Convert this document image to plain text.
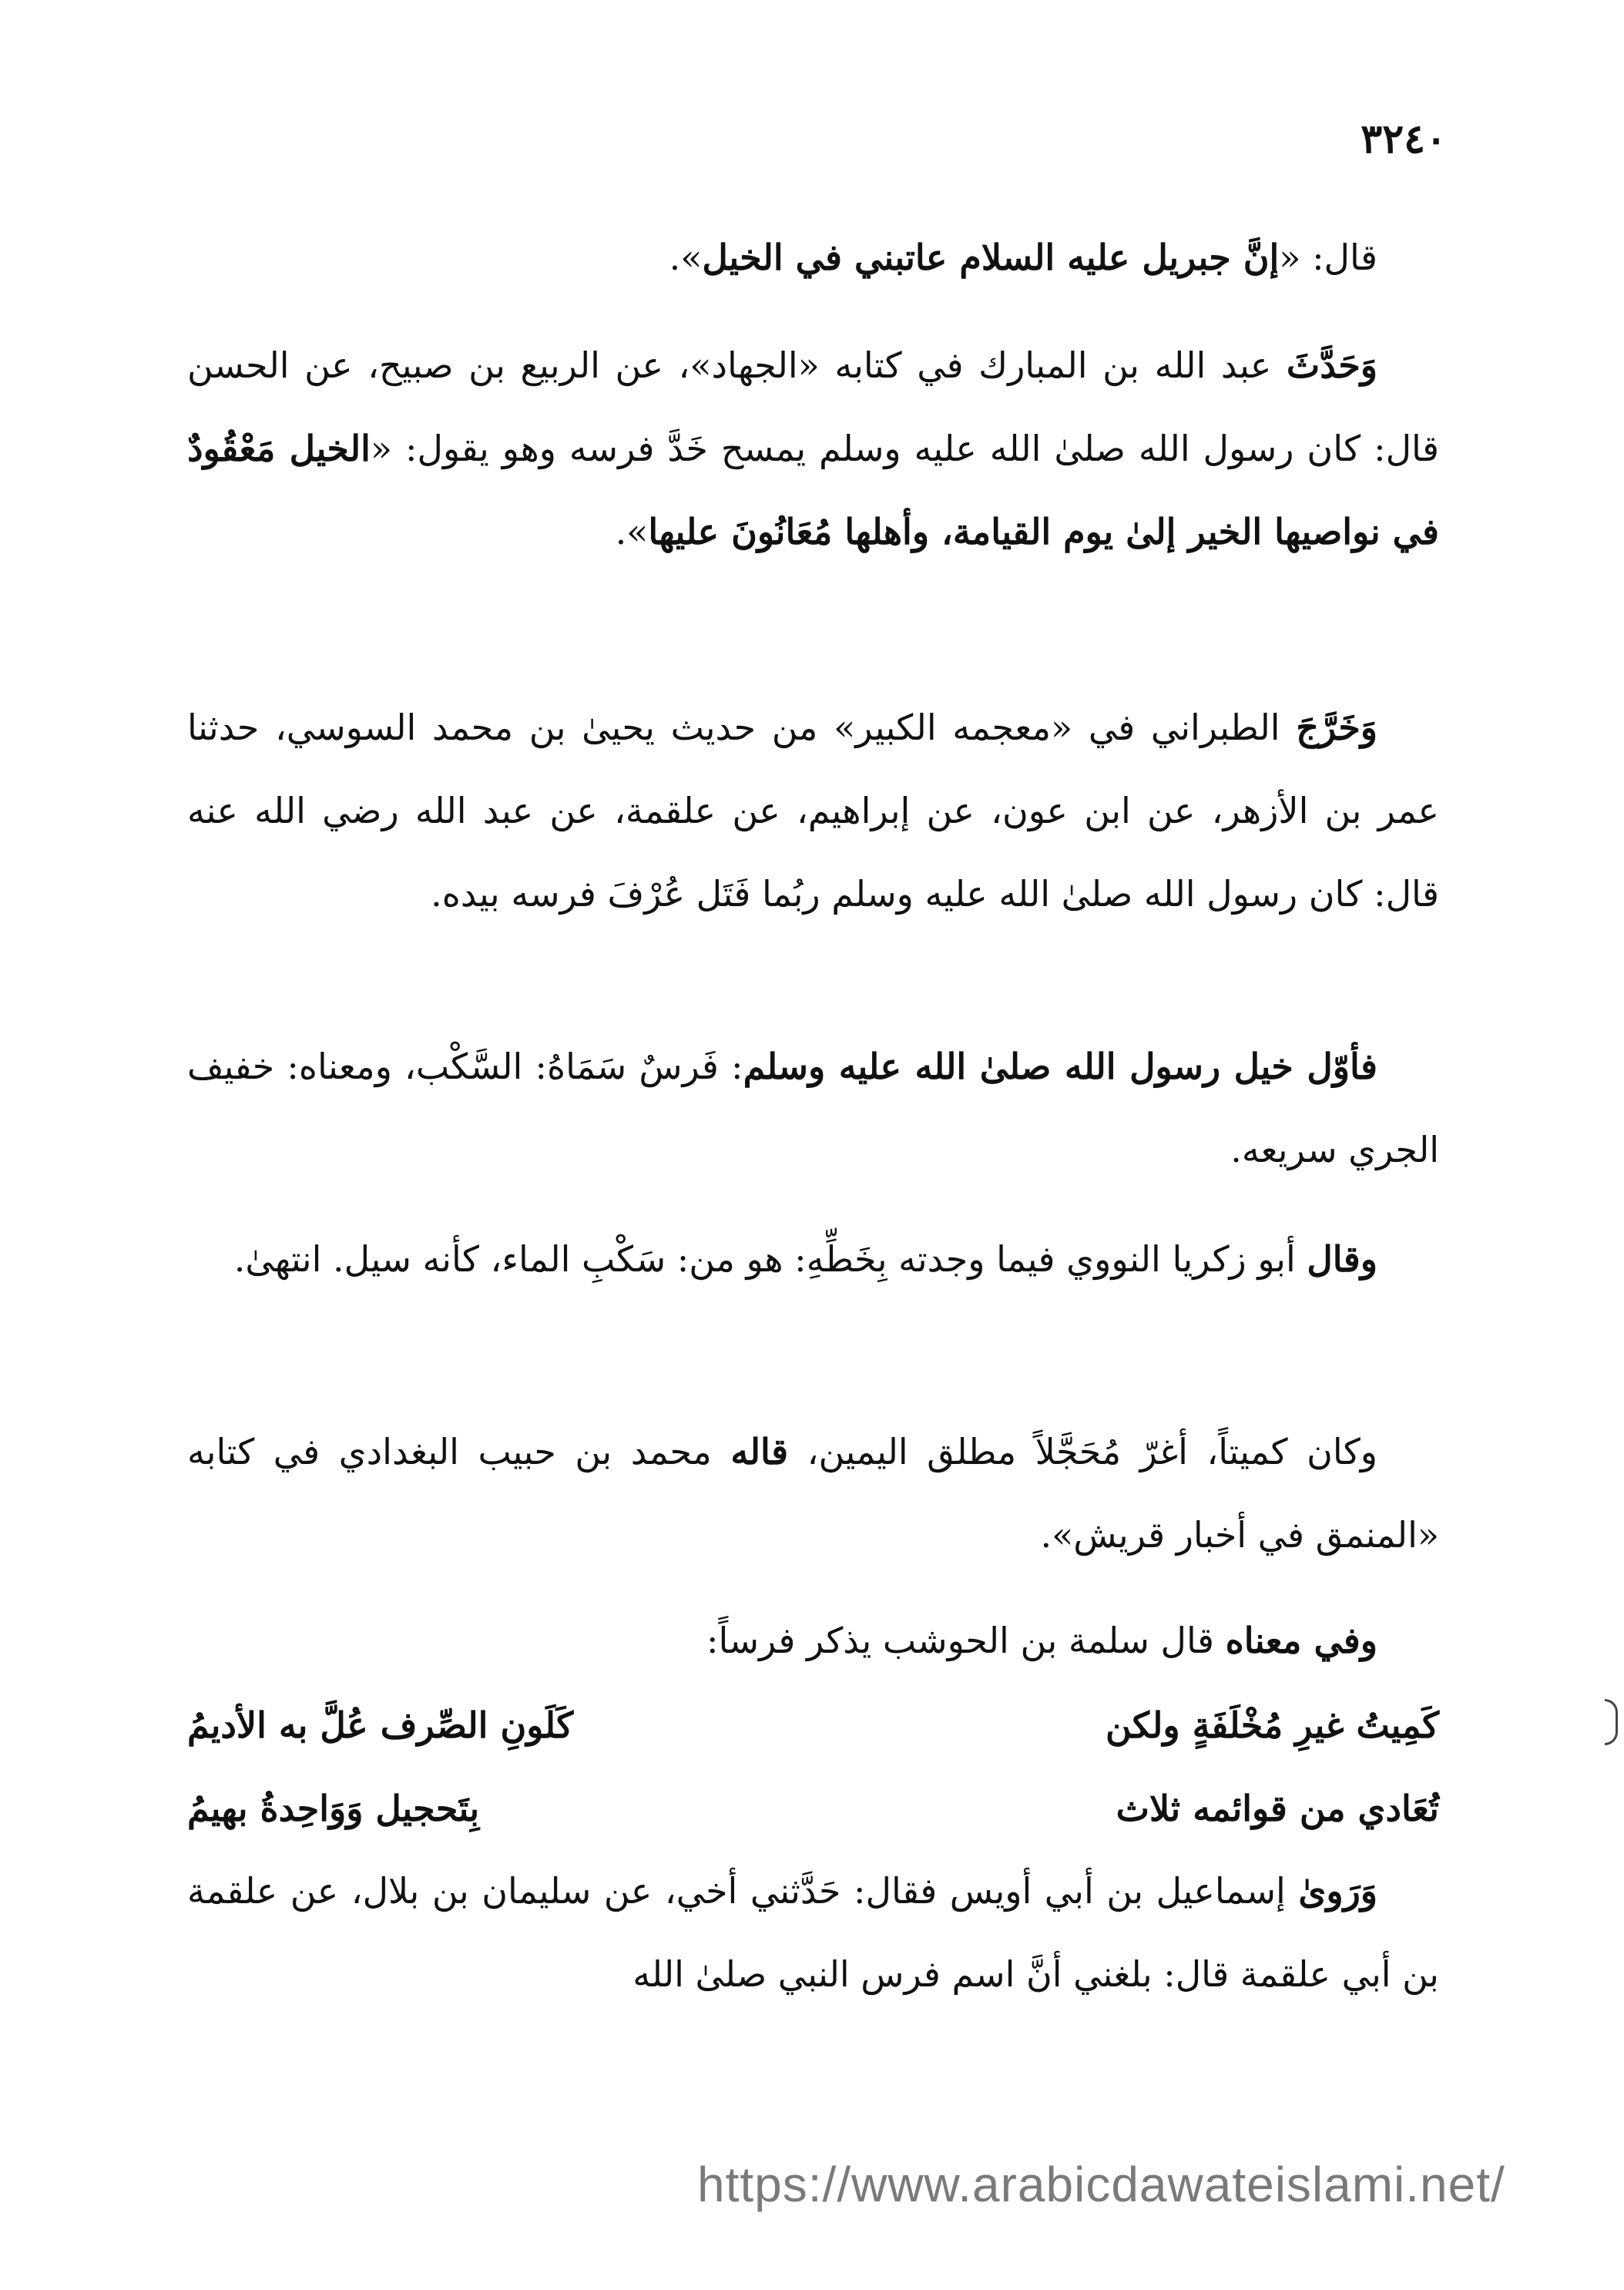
٣٢٤٠

قال: «إنَّ جبريل عليه السلام عاتبني في الخيل».

وَحَدَّثَ عبد الله بن المبارك في كتابه «الجهاد»، عن الربيع بن صبيح، عن الحسن قال: كان رسول الله صلىٰ الله عليه وسلم يمسح خَدَّ فرسه وهو يقول: «الخيل مَعْقُودٌ في نواصيها الخير إلىٰ يوم القيامة، وأهلها مُعَانُونَ عليها».

وَخَرَّجَ الطبراني في «معجمه الكبير» من حديث يحيىٰ بن محمد السوسي، حدثنا عمر بن الأزهر، عن ابن عون، عن إبراهيم، عن علقمة، عن عبد الله رضي الله عنه قال: كان رسول الله صلىٰ الله عليه وسلم ربُما فَتَل عُرْفَ فرسه بيده.

فأوّل خيل رسول الله صلىٰ الله عليه وسلم: فَرسٌ سَمَاهُ: السَّكْب، ومعناه: خفيف الجري سريعه.

وقال أبو زكريا النووي فيما وجدته بِخَطِّهِ: هو من: سَكْبِ الماء، كأنه سيل. انتهىٰ.

وكان كميتاً، أغرّ مُحَجَّلاً مطلق اليمين، قاله محمد بن حبيب البغدادي في كتابه «المنمق في أخبار قريش».

وفي معناه قال سلمة بن الحوشب يذكر فرساً:

كَمِيتُ غيرِ مُخْلَفَةٍ ولكن
كَلَونِ الصِّرف عُلَّ به الأديمُ
تُعَادي من قوائمه ثلاث
بِتَحجيل وَوَاحِدةُ بهيمُ

وَرَوىٰ إسماعيل بن أبي أويس فقال: حَدَّثني أخي، عن سليمان بن بلال، عن علقمة بن أبي علقمة قال: بلغني أنَّ اسم فرس النبي صلىٰ الله

https://www.arabicdawateislami.net/
